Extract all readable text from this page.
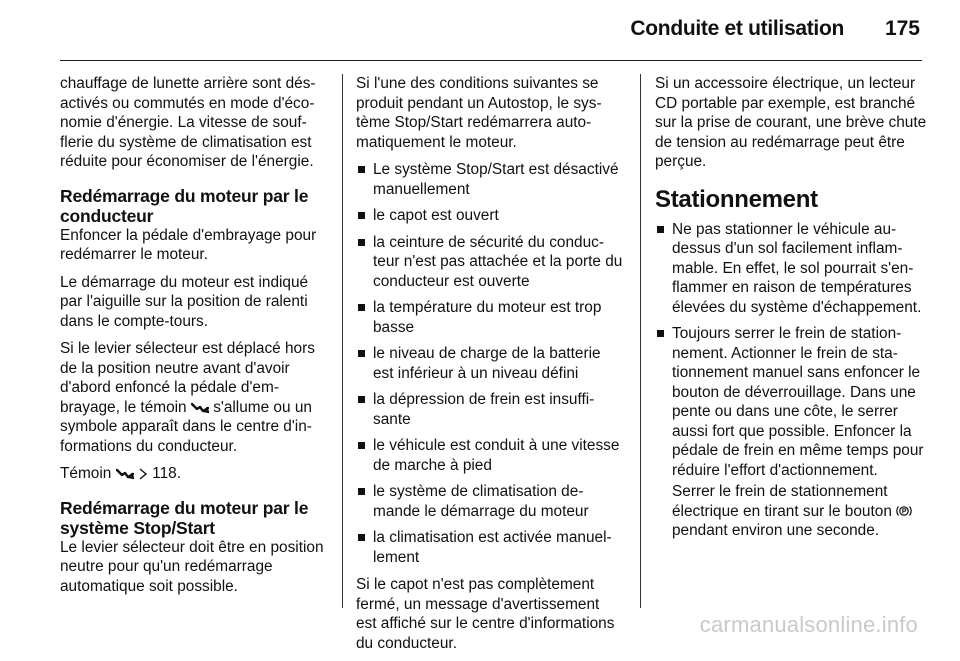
Conduite et utilisation 175

chauffage de lunette arrière sont désactivés ou commutés en mode d'économie d'énergie. La vitesse de soufflerie du système de climatisation est réduite pour économiser de l'énergie.

Redémarrage du moteur par le conducteur

Enfoncer la pédale d'embrayage pour redémarrer le moteur.

Le démarrage du moteur est indiqué par l'aiguille sur la position de ralenti dans le compte-tours.

Si le levier sélecteur est déplacé hors de la position neutre avant d'avoir d'abord enfoncé la pédale d'embrayage, le témoin s'allume ou un symbole apparaît dans le centre d'informations du conducteur.

Témoin	118.

Redémarrage du moteur par le système Stop/Start

Le levier sélecteur doit être en position neutre pour qu'un redémarrage automatique soit possible.

Si l'une des conditions suivantes se produit pendant un Autostop, le système Stop/Start redémarrera automatiquement le moteur.

Le système Stop/Start est désactivé manuellement
le capot est ouvert
la ceinture de sécurité du conducteur n'est pas attachée et la porte du conducteur est ouverte
la température du moteur est trop basse
le niveau de charge de la batterie est inférieur à un niveau défini
la dépression de frein est insuffisante
le véhicule est conduit à une vitesse de marche à pied
le système de climatisation demande le démarrage du moteur
la climatisation est activée manuellement

Si le capot n'est pas complètement fermé, un message d'avertissement est affiché sur le centre d'informations du conducteur.

Si un accessoire électrique, un lecteur CD portable par exemple, est branché sur la prise de courant, une brève chute de tension au redémarrage peut être perçue.

Stationnement
Ne pas stationner le véhicule au-dessus d'un sol facilement inflammable. En effet, le sol pourrait s'enflammer en raison de températures élevées du système d'échappement.
Toujours serrer le frein de stationnement. Actionner le frein de stationnement manuel sans enfoncer le bouton de déverrouillage. Dans une pente ou dans une côte, le serrer aussi fort que possible. Enfoncer la pédale de frein en même temps pour réduire l'effort d'actionnement.
Serrer le frein de stationnement électrique en tirant sur le bouton  pendant environ une seconde.
carmanualsonline.info
